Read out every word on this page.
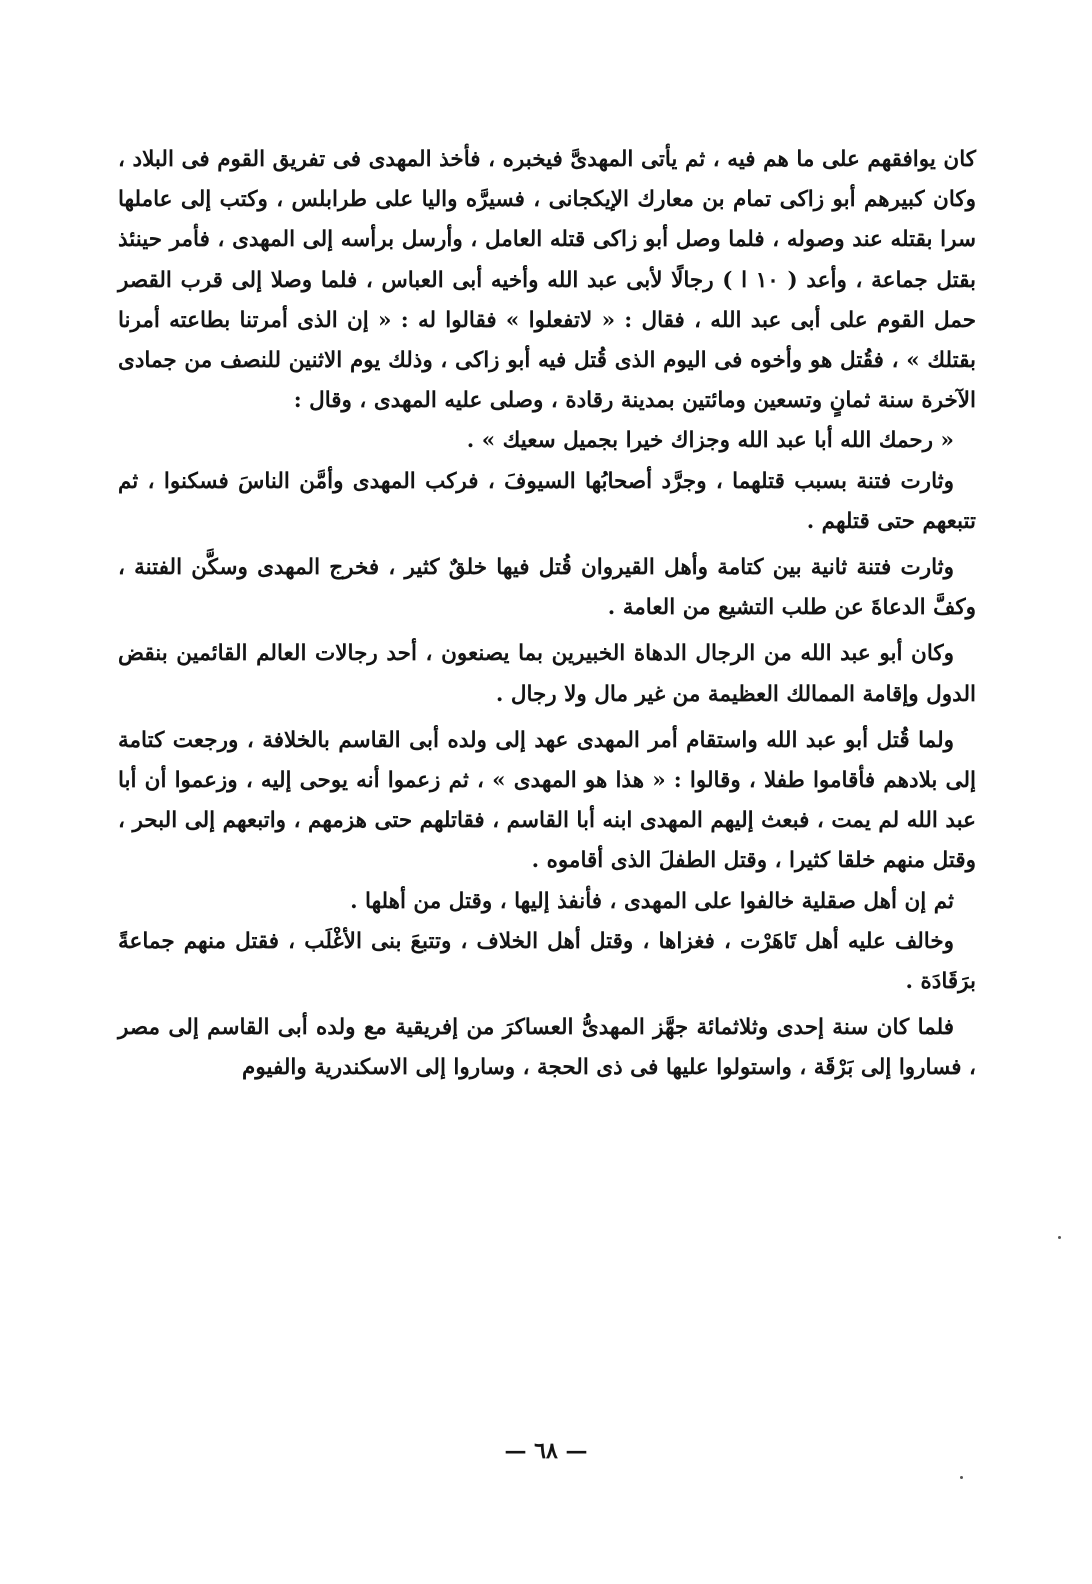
كان يوافقهم على ما هم فيه ، ثم يأتى المهدىَّ فيخبره ، فأخذ المهدى فى تفريق القوم فى البلاد ، وكان كبيرهم أبو زاكى تمام بن معارك الإيكجانى ، فسيرَّه واليا على طرابلس ، وكتب إلى عاملها سرا بقتله عند وصوله ، فلما وصل أبو زاكى قتله العامل ، وأرسل برأسه إلى المهدى ، فأمر حينئذ بقتل جماعة ، وأعد ( ١٠ ا ) رجالًا لأبى عبد الله وأخيه أبى العباس ، فلما وصلا إلى قرب القصر حمل القوم على أبى عبد الله ، فقال : « لاتفعلوا » فقالوا له : « إن الذى أمرتنا بطاعته أمرنا بقتلك » ، فقُتل هو وأخوه فى اليوم الذى قُتل فيه أبو زاكى ، وذلك يوم الاثنين للنصف من جمادى الآخرة سنة ثمانٍ وتسعين ومائتين بمدينة رقادة ، وصلى عليه المهدى ، وقال :

« رحمك الله أبا عبد الله وجزاك خيرا بجميل سعيك » .

وثارت فتنة بسبب قتلهما ، وجرَّد أصحابُها السيوفَ ، فركب المهدى وأمَّن الناسَ فسكنوا ، ثم تتبعهم حتى قتلهم .

وثارت فتنة ثانية بين كتامة وأهل القيروان قُتل فيها خلقٌ كثير ، فخرج المهدى وسكَّن الفتنة ، وكفَّ الدعاةَ عن طلب التشيع من العامة .

وكان أبو عبد الله من الرجال الدهاة الخبيرين بما يصنعون ، أحد رجالات العالم القائمين بنقض الدول وإقامة الممالك العظيمة من غير مال ولا رجال .

ولما قُتل أبو عبد الله واستقام أمر المهدى عهد إلى ولده أبى القاسم بالخلافة ، ورجعت كتامة إلى بلادهم فأقاموا طفلا ، وقالوا : « هذا هو المهدى » ، ثم زعموا أنه يوحى إليه ، وزعموا أن أبا عبد الله لم يمت ، فبعث إليهم المهدى ابنه أبا القاسم ، فقاتلهم حتى هزمهم ، واتبعهم إلى البحر ، وقتل منهم خلقا كثيرا ، وقتل الطفلَ الذى أقاموه .

ثم إن أهل صقلية خالفوا على المهدى ، فأنفذ إليها ، وقتل من أهلها .

وخالف عليه أهل تَاهَرْت ، فغزاها ، وقتل أهل الخلاف ، وتتبعَ بنى الأغْلَب ، فقتل منهم جماعةً برَقَادَة .

فلما كان سنة إحدى وثلاثمائة جهَّز المهدىُّ العساكرَ من إفريقية مع ولده أبى القاسم إلى مصر ، فساروا إلى بَرْقَة ، واستولوا عليها فى ذى الحجة ، وساروا إلى الاسكندرية والفيوم

— ٦٨ —
